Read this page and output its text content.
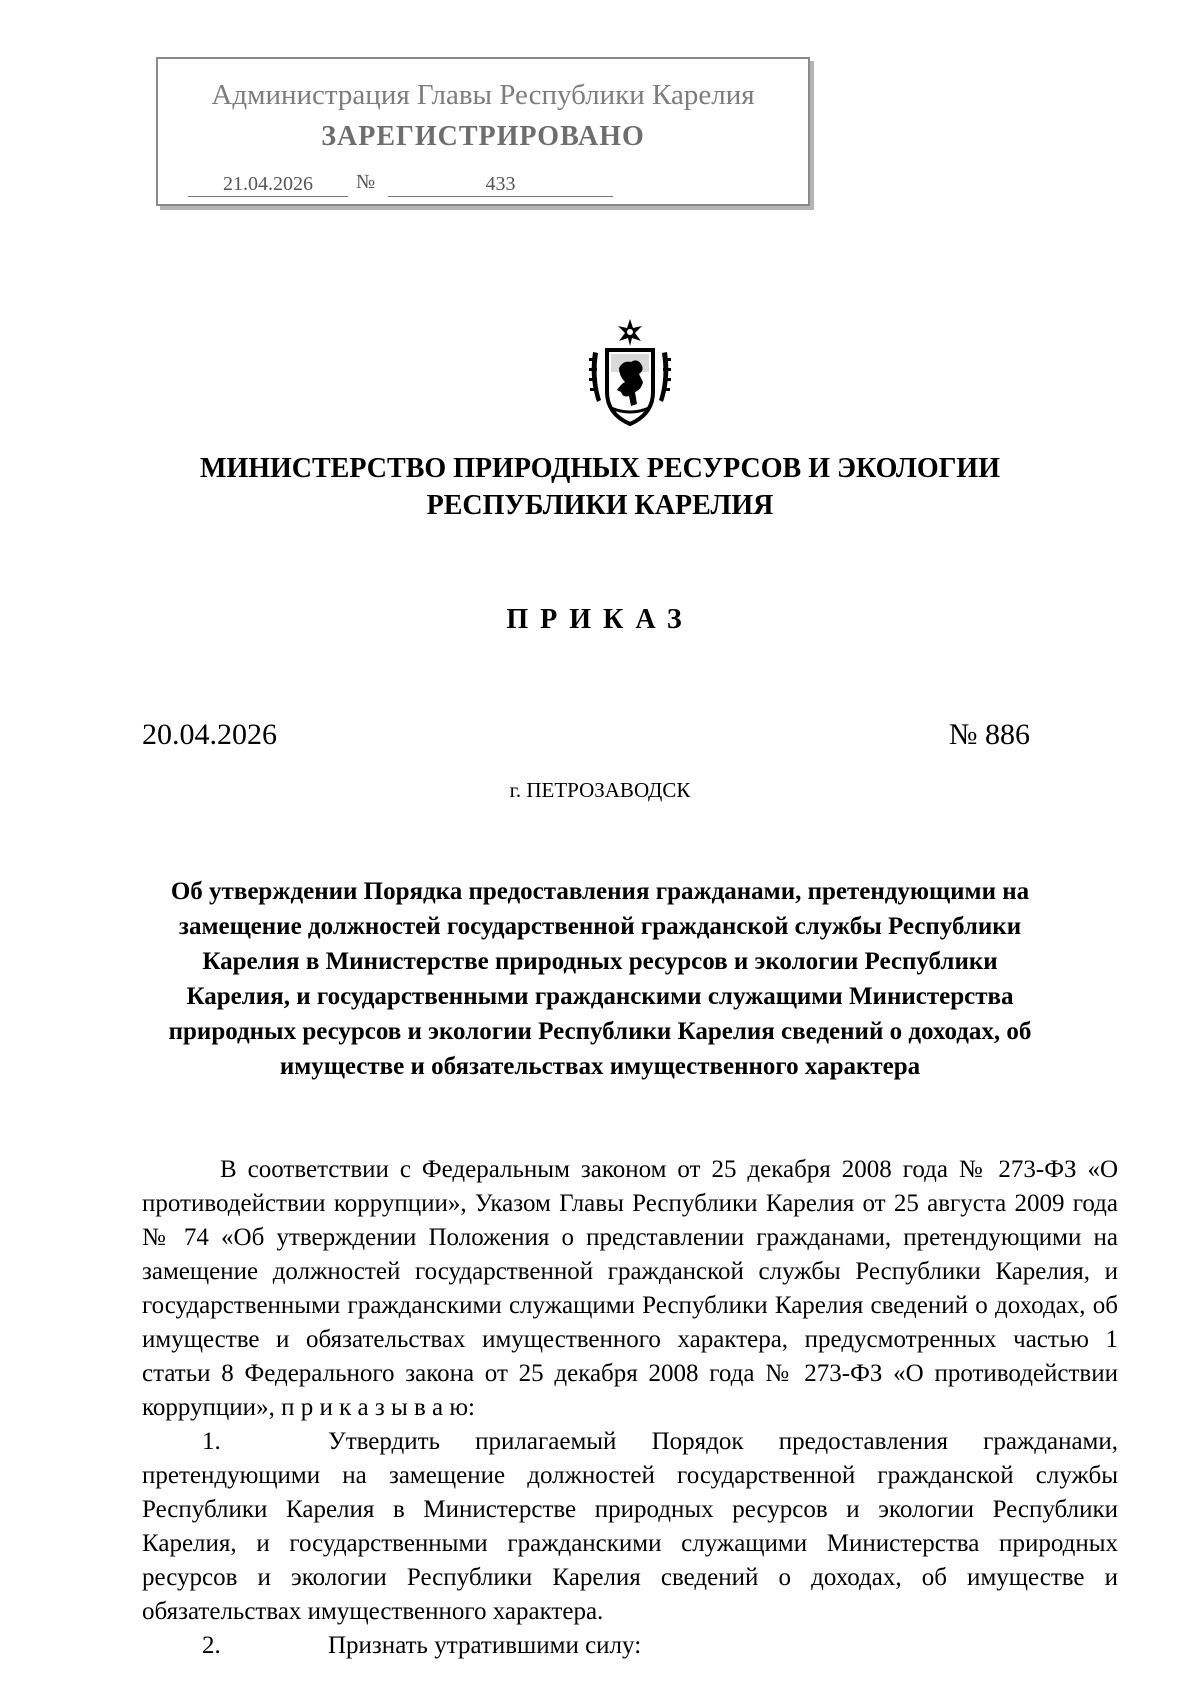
Администрация Главы Республики Карелия
ЗАРЕГИСТРИРОВАНО
21.04.2026	№	433
МИНИСТЕРСТВО ПРИРОДНЫХ РЕСУРСОВ И ЭКОЛОГИИ
РЕСПУБЛИКИ КАРЕЛИЯ
ПРИКАЗ
20.04.2026	№ 886
г. ПЕТРОЗАВОДСК
Об утверждении Порядка предоставления гражданами, претендующими на замещение должностей государственной гражданской службы Республики Карелия в Министерстве природных ресурсов и экологии Республики Карелия, и государственными гражданскими служащими Министерства природных ресурсов и экологии Республики Карелия сведений о доходах, об имуществе и обязательствах имущественного характера
В соответствии с Федеральным законом от 25 декабря 2008 года № 273-ФЗ «О противодействии коррупции», Указом Главы Республики Карелия от 25 августа 2009 года № 74 «Об утверждении Положения о представлении гражданами, претендующими на замещение должностей государственной гражданской службы Республики Карелия, и государственными гражданскими служащими Республики Карелия сведений о доходах, об имуществе и обязательствах имущественного характера, предусмотренных частью 1 статьи 8 Федерального закона от 25 декабря 2008 года № 273-ФЗ «О противодействии коррупции», п р и к а з ы в а ю:
1.	Утвердить прилагаемый Порядок предоставления гражданами, претендующими на замещение должностей государственной гражданской службы Республики Карелия в Министерстве природных ресурсов и экологии Республики Карелия, и государственными гражданскими служащими Министерства природных ресурсов и экологии Республики Карелия сведений о доходах, об имуществе и обязательствах имущественного характера.
2.	Признать утратившими силу:
